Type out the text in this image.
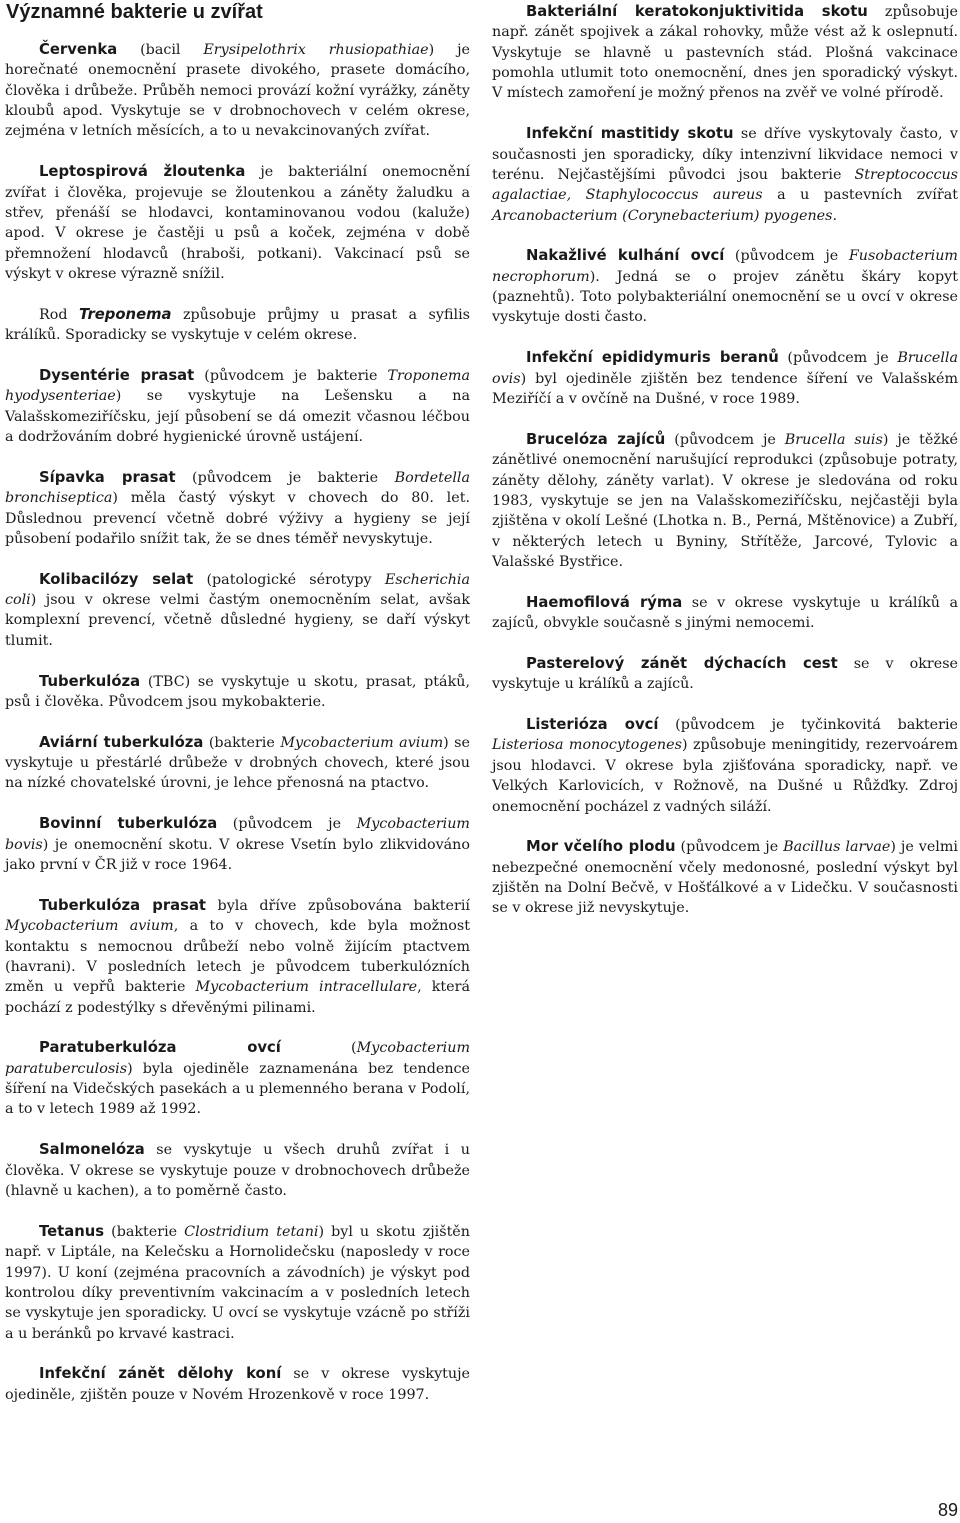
Významné bakterie u zvířat

Červenka (bacil Erysipelothrix rhusiopathiae) je horečnaté onemocnění prasete divokého, prasete domácího, člověka i drůbeže. Průběh nemoci provází kožní vyrážky, záněty kloubů apod. Vyskytuje se v drobnochovech v celém okrese, zejména v letních měsících, a to u nevakcinovaných zvířat.

Leptospirová žloutenka je bakteriální onemocnění zvířat i člověka, projevuje se žloutenkou a záněty žaludku a střev, přenáší se hlodavci, kontaminovanou vodou (kaluže) apod. V okrese je častěji u psů a koček, zejména v době přemnožení hlodavců (hraboši, potkani). Vakcinací psů se výskyt v okrese výrazně snížil.

Rod Treponema způsobuje průjmy u prasat a syfilis králíků. Sporadicky se vyskytuje v celém okrese.

Dysentérie prasat (původcem je bakterie Troponema hyodysenteriae) se vyskytuje na Lešensku a na Valašskomeziříčsku, její působení se dá omezit včasnou léčbou a dodržováním dobré hygienické úrovně ustájení.

Sípavka prasat (původcem je bakterie Bordetella bronchiseptica) měla častý výskyt v chovech do 80. let. Důslednou prevencí včetně dobré výživy a hygieny se její působení podařilo snížit tak, že se dnes téměř nevyskytuje.

Kolibacilózy selat (patologické sérotypy Escherichia coli) jsou v okrese velmi častým onemocněním selat, avšak komplexní prevencí, včetně důsledné hygieny, se daří výskyt tlumit.

Tuberkulóza (TBC) se vyskytuje u skotu, prasat, ptáků, psů i člověka. Původcem jsou mykobakterie.

Aviární tuberkulóza (bakterie Mycobacterium avium) se vyskytuje u přestárlé drůbeže v drobných chovech, které jsou na nízké chovatelské úrovni, je lehce přenosná na ptactvo.

Bovinní tuberkulóza (původcem je Mycobacterium bovis) je onemocnění skotu. V okrese Vsetín bylo zlikvidováno jako první v ČR již v roce 1964.

Tuberkulóza prasat byla dříve způsobována bakterií Mycobacterium avium, a to v chovech, kde byla možnost kontaktu s nemocnou drůbeží nebo volně žijícím ptactvem (havrani). V posledních letech je původcem tuberkulózních změn u vepřů bakterie Mycobacterium intracellulare, která pochází z podestýlky s dřevěnými pilinami.

Paratuberkulóza ovcí (Mycobacterium paratuberculosis) byla ojediněle zaznamenána bez tendence šíření na Videčských pasekách a u plemenného berana v Podolí, a to v letech 1989 až 1992.

Salmonelóza se vyskytuje u všech druhů zvířat i u člověka. V okrese se vyskytuje pouze v drobnochovech drůbeže (hlavně u kachen), a to poměrně často.

Tetanus (bakterie Clostridium tetani) byl u skotu zjištěn např. v Liptále, na Kelečsku a Hornolidečsku (naposledy v roce 1997). U koní (zejména pracovních a závodních) je výskyt pod kontrolou díky preventivním vakcinacím a v posledních letech se vyskytuje jen sporadicky. U ovcí se vyskytuje vzácně po stříži a u beránků po krvavé kastraci.

Infekční zánět dělohy koní se v okrese vyskytuje ojediněle, zjištěn pouze v Novém Hrozenkově v roce 1997.

Bakteriální keratokonjuktivitida skotu způsobuje např. zánět spojivek a zákal rohovky, může vést až k oslepnutí. Vyskytuje se hlavně u pastevních stád. Plošná vakcinace pomohla utlumit toto onemocnění, dnes jen sporadický výskyt. V místech zamoření je možný přenos na zvěř ve volné přírodě.

Infekční mastitidy skotu se dříve vyskytovaly často, v současnosti jen sporadicky, díky intenzivní likvidace nemoci v terénu. Nejčastějšími původci jsou bakterie Streptococcus agalactiae, Staphylococcus aureus a u pastevních zvířat Arcanobacterium (Corynebacterium) pyogenes.

Nakažlivé kulhání ovcí (původcem je Fusobacterium necrophorum). Jedná se o projev zánětu škáry kopyt (paznehtů). Toto polybakteriální onemocnění se u ovcí v okrese vyskytuje dosti často.

Infekční epididymuris beranů (původcem je Brucella ovis) byl ojediněle zjištěn bez tendence šíření ve Valašském Meziříčí a v ovčíně na Dušné, v roce 1989.

Brucelóza zajíců (původcem je Brucella suis) je těžké zánětlivé onemocnění narušující reprodukci (způsobuje potraty, záněty dělohy, záněty varlat). V okrese je sledována od roku 1983, vyskytuje se jen na Valašskomeziříčsku, nejčastěji byla zjištěna v okolí Lešné (Lhotka n. B., Perná, Mštěnovice) a Zubří, v některých letech u Byniny, Střítěže, Jarcové, Tylovic a Valašské Bystřice.

Haemofilová rýma se v okrese vyskytuje u králíků a zajíců, obvykle současně s jinými nemocemi.

Pasterelový zánět dýchacích cest se v okrese vyskytuje u králíků a zajíců.

Listerióza ovcí (původcem je tyčinkovitá bakterie Listeriosa monocytogenes) způsobuje meningitidy, rezervoárem jsou hlodavci. V okrese byla zjišťována sporadicky, např. ve Velkých Karlovicích, v Rožnově, na Dušné u Růžďky. Zdroj onemocnění pocházel z vadných siláží.

Mor včelího plodu (původcem je Bacillus larvae) je velmi nebezpečné onemocnění včely medonosné, poslední výskyt byl zjištěn na Dolní Bečvě, v Hošťálkové a v Lidečku. V současnosti se v okrese již nevyskytuje.

89
